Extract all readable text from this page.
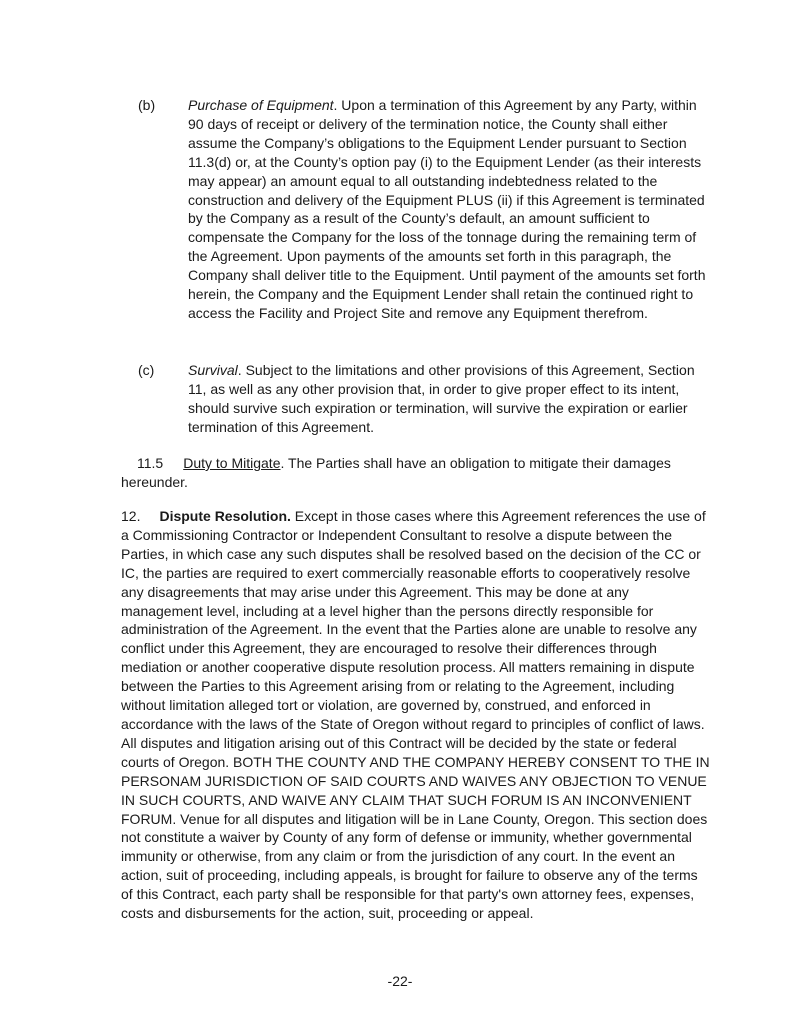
(b) Purchase of Equipment. Upon a termination of this Agreement by any Party, within 90 days of receipt or delivery of the termination notice, the County shall either assume the Company’s obligations to the Equipment Lender pursuant to Section 11.3(d) or, at the County’s option pay (i) to the Equipment Lender (as their interests may appear) an amount equal to all outstanding indebtedness related to the construction and delivery of the Equipment PLUS (ii) if this Agreement is terminated by the Company as a result of the County’s default, an amount sufficient to compensate the Company for the loss of the tonnage during the remaining term of the Agreement. Upon payments of the amounts set forth in this paragraph, the Company shall deliver title to the Equipment. Until payment of the amounts set forth herein, the Company and the Equipment Lender shall retain the continued right to access the Facility and Project Site and remove any Equipment therefrom.
(c) Survival. Subject to the limitations and other provisions of this Agreement, Section 11, as well as any other provision that, in order to give proper effect to its intent, should survive such expiration or termination, will survive the expiration or earlier termination of this Agreement.
11.5 Duty to Mitigate. The Parties shall have an obligation to mitigate their damages hereunder.
12. Dispute Resolution. Except in those cases where this Agreement references the use of a Commissioning Contractor or Independent Consultant to resolve a dispute between the Parties, in which case any such disputes shall be resolved based on the decision of the CC or IC, the parties are required to exert commercially reasonable efforts to cooperatively resolve any disagreements that may arise under this Agreement. This may be done at any management level, including at a level higher than the persons directly responsible for administration of the Agreement. In the event that the Parties alone are unable to resolve any conflict under this Agreement, they are encouraged to resolve their differences through mediation or another cooperative dispute resolution process. All matters remaining in dispute between the Parties to this Agreement arising from or relating to the Agreement, including without limitation alleged tort or violation, are governed by, construed, and enforced in accordance with the laws of the State of Oregon without regard to principles of conflict of laws. All disputes and litigation arising out of this Contract will be decided by the state or federal courts of Oregon. BOTH THE COUNTY AND THE COMPANY HEREBY CONSENT TO THE IN PERSONAM JURISDICTION OF SAID COURTS AND WAIVES ANY OBJECTION TO VENUE IN SUCH COURTS, AND WAIVE ANY CLAIM THAT SUCH FORUM IS AN INCONVENIENT FORUM. Venue for all disputes and litigation will be in Lane County, Oregon. This section does not constitute a waiver by County of any form of defense or immunity, whether governmental immunity or otherwise, from any claim or from the jurisdiction of any court. In the event an action, suit of proceeding, including appeals, is brought for failure to observe any of the terms of this Contract, each party shall be responsible for that party's own attorney fees, expenses, costs and disbursements for the action, suit, proceeding or appeal.
-22-
